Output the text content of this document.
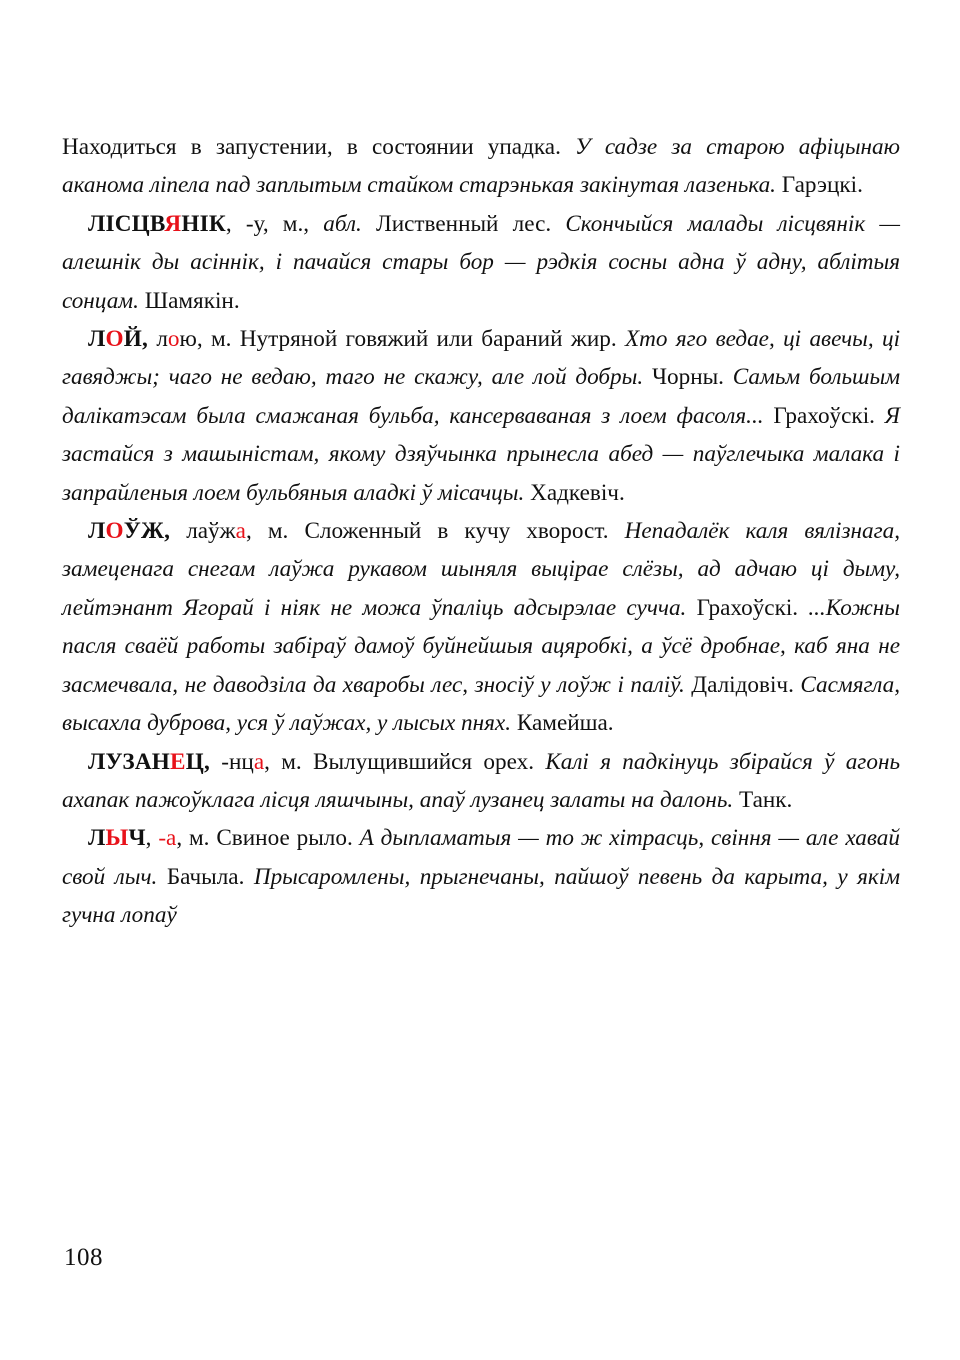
Находиться в запустении, в состоянии упадка. У садзе за старою афіцынаю аканома ліпела пад заплытым стайком старэнькая закінутая лазенька. Гарэцкі.

ЛІСЦВЯНІК, -у, м., абл. Лиственный лес. Скончыйся малады лісцвянік — алешнік ды асіннік, і пачайся стары бор — рэдкія сосны адна ў адну, аблітыя сонцам. Шамякін.

ЛОЙ, лою, м. Нутряной говяжий или бараний жир. Хто яго ведае, ці авечы, ці гавяджы; чаго не ведаю, таго не скажу, але лой добры. Чорны. Самьм большым далікатэсам была смажаная бульба, кансерваваная з лоем фасоля... Грахоўскі. Я застайся з машыністам, якому дзяўчынка прынесла абед — паўглечыка малака і запрайленыя лоем бульбяныя аладкі ў місачцы. Хадкевіч.

ЛОЎЖ, лаўжа, м. Сложенный в кучу хворост. Непадалёк каля вялізнага, замеценага снегам лаўжа рукавом шыняля выцірае слёзы, ад адчаю ці дыму, лейтэнант Ягорай і ніяк не можа ўпаліць адсырэлае сучча. Грахоўскі. ...Кожны пасля сваёй работы забіраў дамоў буйнейшыя ацяробкі, а ўсё дробнае, каб яна не засмечвала, не даводзіла да хваробы лес, зносіў у лоўж і паліў. Далідовіч. Сасмягла, высахла дуброва, уся ў лаўжах, у лысых пнях. Камейша.

ЛУЗАНЕЦ, -нца, м. Вылущившийся орех. Калі я падкінуць збірайся ў агонь ахапак пажоўклага лісця ляшчыны, апаў лузанец залаты на далонь. Танк.

ЛЫЧ, -а, м. Свиное рыло. А дыпламатыя — то ж хітрасць, свіння — але хавай свой лыч. Бачыла. Прысаромлены, прыгнечаны, пайшоў певень да карыта, у якім гучна лопаў

108
